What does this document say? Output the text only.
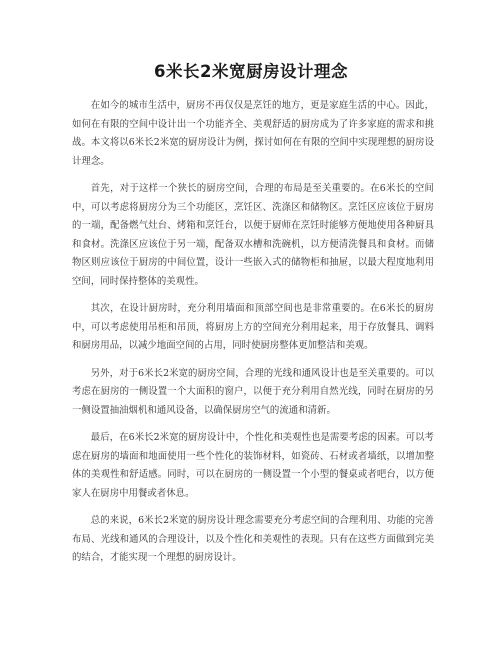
6米长2米宽厨房设计理念

在如今的城市生活中，厨房不再仅仅是烹饪的地方，更是家庭生活的中心。因此，如何在有限的空间中设计出一个功能齐全、美观舒适的厨房成为了许多家庭的需求和挑战。本文将以6米长2米宽的厨房设计为例，探讨如何在有限的空间中实现理想的厨房设计理念。

首先，对于这样一个狭长的厨房空间，合理的布局是至关重要的。在6米长的空间中，可以考虑将厨房分为三个功能区，烹饪区、洗涤区和储物区。烹饪区应该位于厨房的一端，配备燃气灶台、烤箱和烹饪台，以便于厨师在烹饪时能够方便地使用各种厨具和食材。洗涤区应该位于另一端，配备双水槽和洗碗机，以方便清洗餐具和食材。而储物区则应该位于厨房的中间位置，设计一些嵌入式的储物柜和抽屉，以最大程度地利用空间，同时保持整体的美观性。

其次，在设计厨房时，充分利用墙面和顶部空间也是非常重要的。在6米长的厨房中，可以考虑使用吊柜和吊顶，将厨房上方的空间充分利用起来，用于存放餐具、调料和厨房用品，以减少地面空间的占用，同时使厨房整体更加整洁和美观。

另外，对于6米长2米宽的厨房空间，合理的光线和通风设计也是至关重要的。可以考虑在厨房的一侧设置一个大面积的窗户，以便于充分利用自然光线，同时在厨房的另一侧设置抽油烟机和通风设备，以确保厨房空气的流通和清新。

最后，在6米长2米宽的厨房设计中，个性化和美观性也是需要考虑的因素。可以考虑在厨房的墙面和地面使用一些个性化的装饰材料，如瓷砖、石材或者墙纸，以增加整体的美观性和舒适感。同时，可以在厨房的一侧设置一个小型的餐桌或者吧台，以方便家人在厨房中用餐或者休息。

总的来说，6米长2米宽的厨房设计理念需要充分考虑空间的合理利用、功能的完善布局、光线和通风的合理设计，以及个性化和美观性的表现。只有在这些方面做到完美的结合，才能实现一个理想的厨房设计。
